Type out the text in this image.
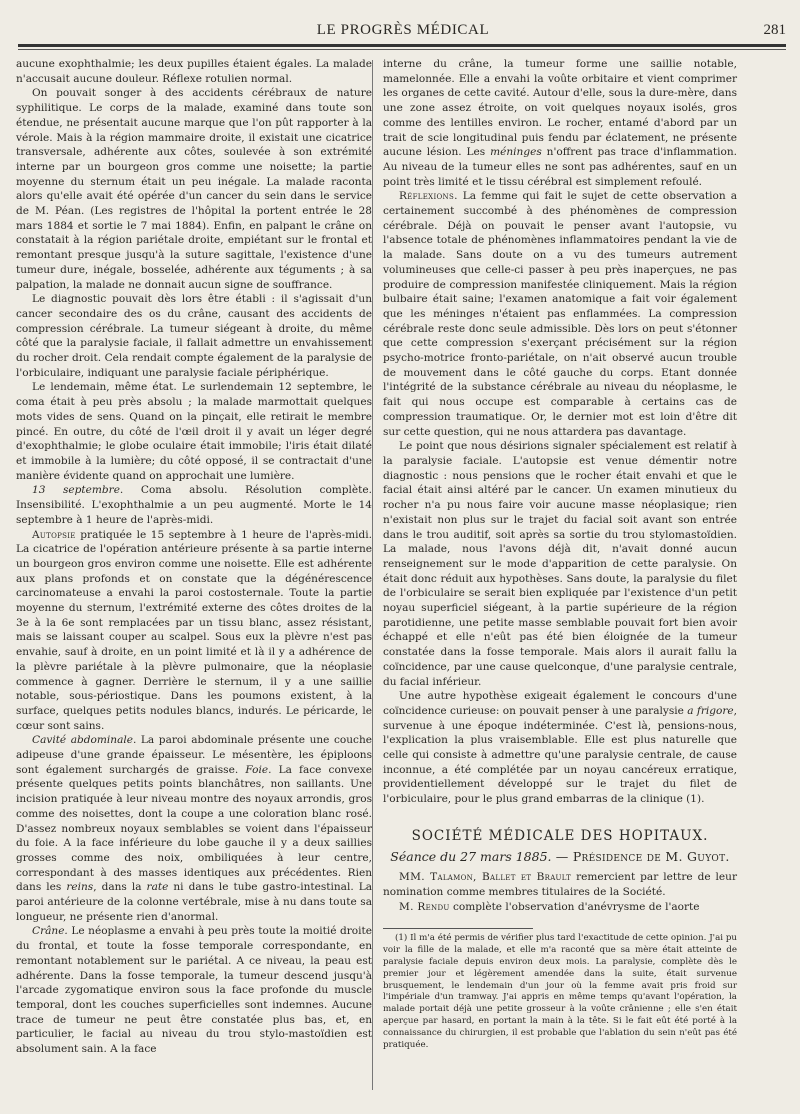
LE PROGRÈS MÉDICAL	281

aucune exophthalmie; les deux pupilles étaient égales. La malade n'accusait aucune douleur. Réflexe rotulien normal.

On pouvait songer à des accidents cérébraux de nature syphilitique. Le corps de la malade, examiné dans toute son étendue, ne présentait aucune marque que l'on pût rapporter à la vérole. Mais à la région mammaire droite, il existait une cicatrice transversale, adhérente aux côtes, soulevée à son extrémité interne par un bourgeon gros comme une noisette; la partie moyenne du sternum était un peu inégale. La malade raconta alors qu'elle avait été opérée d'un cancer du sein dans le service de M. Péan. (Les registres de l'hôpital la portent entrée le 28 mars 1884 et sortie le 7 mai 1884). Enfin, en palpant le crâne on constatait à la région pariétale droite, empiétant sur le frontal et remontant presque jusqu'à la suture sagittale, l'existence d'une tumeur dure, inégale, bosselée, adhérente aux téguments ; à sa palpation, la malade ne donnait aucun signe de souffrance.

Le diagnostic pouvait dès lors être établi : il s'agissait d'un cancer secondaire des os du crâne, causant des accidents de compression cérébrale. La tumeur siégeant à droite, du même côté que la paralysie faciale, il fallait admettre un envahissement du rocher droit. Cela rendait compte également de la paralysie de l'orbiculaire, indiquant une paralysie faciale périphérique.

Le lendemain, même état. Le surlendemain 12 septembre, le coma était à peu près absolu ; la malade marmottait quelques mots vides de sens. Quand on la pinçait, elle retirait le membre pincé. En outre, du côté de l'œil droit il y avait un léger degré d'exophthalmie; le globe oculaire était immobile; l'iris était dilaté et immobile à la lumière; du côté opposé, il se contractait d'une manière évidente quand on approchait une lumière.

13 septembre. Coma absolu. Résolution complète. Insensibilité. L'exophthalmie a un peu augmenté. Morte le 14 septembre à 1 heure de l'après-midi.

Autopsie pratiquée le 15 septembre à 1 heure de l'après-midi. La cicatrice de l'opération antérieure présente à sa partie interne un bourgeon gros environ comme une noisette. Elle est adhérente aux plans profonds et on constate que la dégénérescence carcinomateuse a envahi la paroi costosternale. Toute la partie moyenne du sternum, l'extrémité externe des côtes droites de la 3e à la 6e sont remplacées par un tissu blanc, assez résistant, mais se laissant couper au scalpel. Sous eux la plèvre n'est pas envahie, sauf à droite, en un point limité et là il y a adhérence de la plèvre pariétale à la plèvre pulmonaire, que la néoplasie commence à gagner. Derrière le sternum, il y a une saillie notable, sous-périostique. Dans les poumons existent, à la surface, quelques petits nodules blancs, indurés. Le péricarde, le cœur sont sains.

Cavité abdominale. La paroi abdominale présente une couche adipeuse d'une grande épaisseur. Le mésentère, les épiploons sont également surchargés de graisse. Foie. La face convexe présente quelques petits points blanchâtres, non saillants. Une incision pratiquée à leur niveau montre des noyaux arrondis, gros comme des noisettes, dont la coupe a une coloration blanc rosé. D'assez nombreux noyaux semblables se voient dans l'épaisseur du foie. A la face inférieure du lobe gauche il y a deux saillies grosses comme des noix, ombiliquées à leur centre, correspondant à des masses identiques aux précédentes. Rien dans les reins, dans la rate ni dans le tube gastro-intestinal. La paroi antérieure de la colonne vertébrale, mise à nu dans toute sa longueur, ne présente rien d'anormal.

Crâne. Le néoplasme a envahi à peu près toute la moitié droite du frontal, et toute la fosse temporale correspondante, en remontant notablement sur le pariétal. A ce niveau, la peau est adhérente. Dans la fosse temporale, la tumeur descend jusqu'à l'arcade zygomatique environ sous la face profonde du muscle temporal, dont les couches superficielles sont indemnes. Aucune trace de tumeur ne peut être constatée plus bas, et, en particulier, le facial au niveau du trou stylo-mastoïdien est absolument sain. A la face

interne du crâne, la tumeur forme une saillie notable, mamelonnée. Elle a envahi la voûte orbitaire et vient comprimer les organes de cette cavité. Autour d'elle, sous la dure-mère, dans une zone assez étroite, on voit quelques noyaux isolés, gros comme des lentilles environ. Le rocher, entamé d'abord par un trait de scie longitudinal puis fendu par éclatement, ne présente aucune lésion. Les méninges n'offrent pas trace d'inflammation. Au niveau de la tumeur elles ne sont pas adhérentes, sauf en un point très limité et le tissu cérébral est simplement refoulé.

Réflexions. La femme qui fait le sujet de cette observation a certainement succombé à des phénomènes de compression cérébrale. Déjà on pouvait le penser avant l'autopsie, vu l'absence totale de phénomènes inflammatoires pendant la vie de la malade. Sans doute on a vu des tumeurs autrement volumineuses que celle-ci passer à peu près inaperçues, ne pas produire de compression manifestée cliniquement. Mais la région bulbaire était saine; l'examen anatomique a fait voir également que les méninges n'étaient pas enflammées. La compression cérébrale reste donc seule admissible. Dès lors on peut s'étonner que cette compression s'exerçant précisément sur la région psycho-motrice fronto-pariétale, on n'ait observé aucun trouble de mouvement dans le côté gauche du corps. Etant donnée l'intégrité de la substance cérébrale au niveau du néoplasme, le fait qui nous occupe est comparable à certains cas de compression traumatique. Or, le dernier mot est loin d'être dit sur cette question, qui ne nous attardera pas davantage.

Le point que nous désirions signaler spécialement est relatif à la paralysie faciale. L'autopsie est venue démentir notre diagnostic : nous pensions que le rocher était envahi et que le facial était ainsi altéré par le cancer. Un examen minutieux du rocher n'a pu nous faire voir aucune masse néoplasique; rien n'existait non plus sur le trajet du facial soit avant son entrée dans le trou auditif, soit après sa sortie du trou stylomastoïdien. La malade, nous l'avons déjà dit, n'avait donné aucun renseignement sur le mode d'apparition de cette paralysie. On était donc réduit aux hypothèses. Sans doute, la paralysie du filet de l'orbiculaire se serait bien expliquée par l'existence d'un petit noyau superficiel siégeant, à la partie supérieure de la région parotidienne, une petite masse semblable pouvait fort bien avoir échappé et elle n'eût pas été bien éloignée de la tumeur constatée dans la fosse temporale. Mais alors il aurait fallu la coïncidence, par une cause quelconque, d'une paralysie centrale, du facial inférieur.

Une autre hypothèse exigeait également le concours d'une coïncidence curieuse: on pouvait penser à une paralysie a frigore, survenue à une époque indéterminée. C'est là, pensions-nous, l'explication la plus vraisemblable. Elle est plus naturelle que celle qui consiste à admettre qu'une paralysie centrale, de cause inconnue, a été complétée par un noyau cancéreux erratique, providentiellement développé sur le trajet du filet de l'orbiculaire, pour le plus grand embarras de la clinique (1).

SOCIÉTÉ MÉDICALE DES HOPITAUX.
Séance du 27 mars 1885. — Présidence de M. Guyot.

MM. Talamon, Ballet et Brault remercient par lettre de leur nomination comme membres titulaires de la Société.

M. Rendu complète l'observation d'anévrysme de l'aorte

(1) Il m'a été permis de vérifier plus tard l'exactitude de cette opinion. J'ai pu voir la fille de la malade, et elle m'a raconté que sa mère était atteinte de paralysie faciale depuis environ deux mois. La paralysie, complète dès le premier jour et légèrement amendée dans la suite, était survenue brusquement, le lendemain d'un jour où la femme avait pris froid sur l'impériale d'un tramway. J'ai appris en même temps qu'avant l'opération, la malade portait déjà une petite grosseur à la voûte crânienne ; elle s'en était aperçue par hasard, en portant la main à la tête. Si le fait eût été porté à la connaissance du chirurgien, il est probable que l'ablation du sein n'eût pas été pratiquée.
